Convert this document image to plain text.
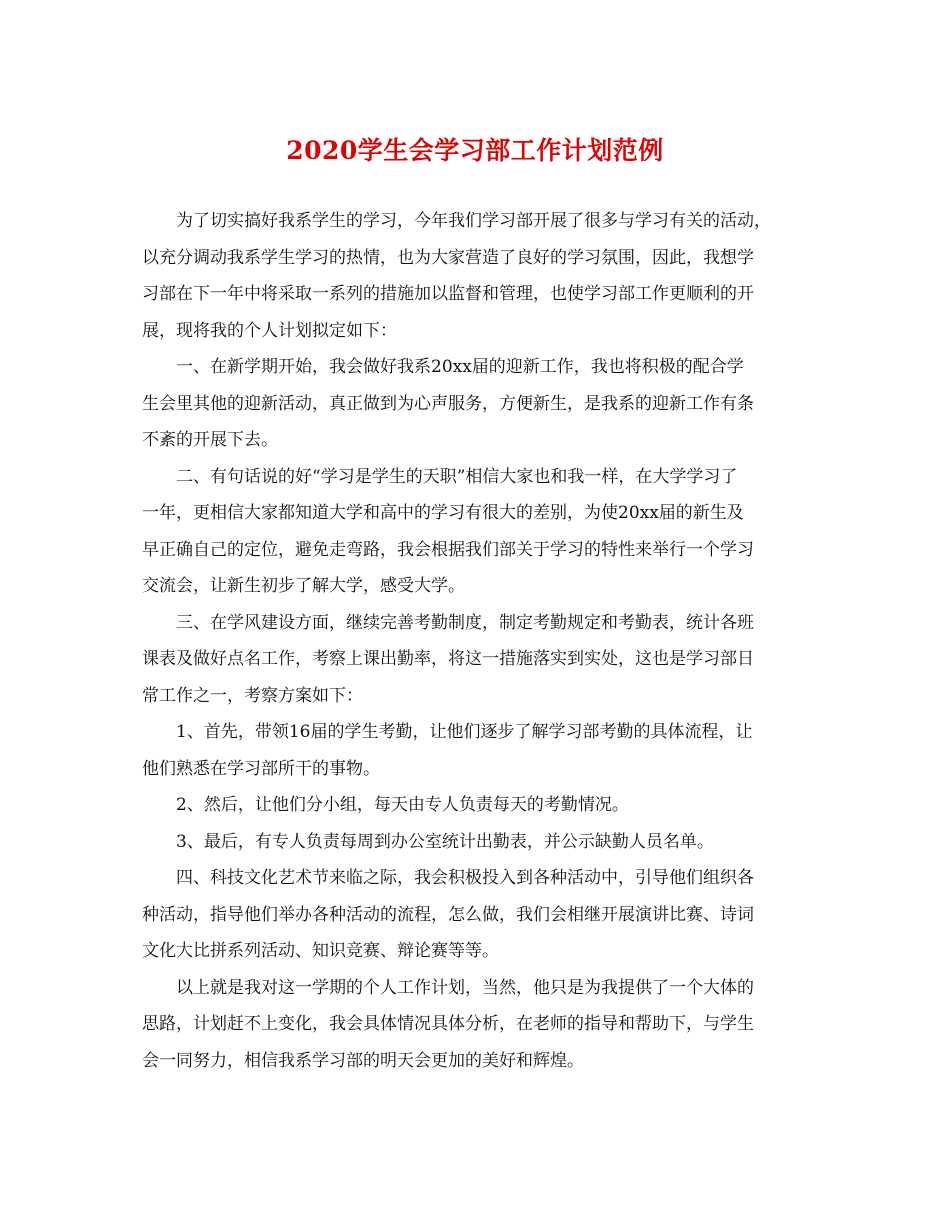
2020学生会学习部工作计划范例
为了切实搞好我系学生的学习，今年我们学习部开展了很多与学习有关的活动，
以充分调动我系学生学习的热情，也为大家营造了良好的学习氛围，因此，我想学
习部在下一年中将采取一系列的措施加以监督和管理，也使学习部工作更顺利的开
展，现将我的个人计划拟定如下：
一、在新学期开始，我会做好我系20xx届的迎新工作，我也将积极的配合学
生会里其他的迎新活动，真正做到为心声服务，方便新生，是我系的迎新工作有条
不紊的开展下去。
二、有句话说的好“学习是学生的天职”相信大家也和我一样，在大学学习了
一年，更相信大家都知道大学和高中的学习有很大的差别，为使20xx届的新生及
早正确自己的定位，避免走弯路，我会根据我们部关于学习的特性来举行一个学习
交流会，让新生初步了解大学，感受大学。
三、在学风建设方面，继续完善考勤制度，制定考勤规定和考勤表，统计各班
课表及做好点名工作，考察上课出勤率，将这一措施落实到实处，这也是学习部日
常工作之一，考察方案如下：
1、首先，带领16届的学生考勤，让他们逐步了解学习部考勤的具体流程，让
他们熟悉在学习部所干的事物。
2、然后，让他们分小组，每天由专人负责每天的考勤情况。
3、最后，有专人负责每周到办公室统计出勤表，并公示缺勤人员名单。
四、科技文化艺术节来临之际，我会积极投入到各种活动中，引导他们组织各
种活动，指导他们举办各种活动的流程，怎么做，我们会相继开展演讲比赛、诗词
文化大比拼系列活动、知识竞赛、辩论赛等等。
以上就是我对这一学期的个人工作计划，当然，他只是为我提供了一个大体的
思路，计划赶不上变化，我会具体情况具体分析，在老师的指导和帮助下，与学生
会一同努力，相信我系学习部的明天会更加的美好和辉煌。
